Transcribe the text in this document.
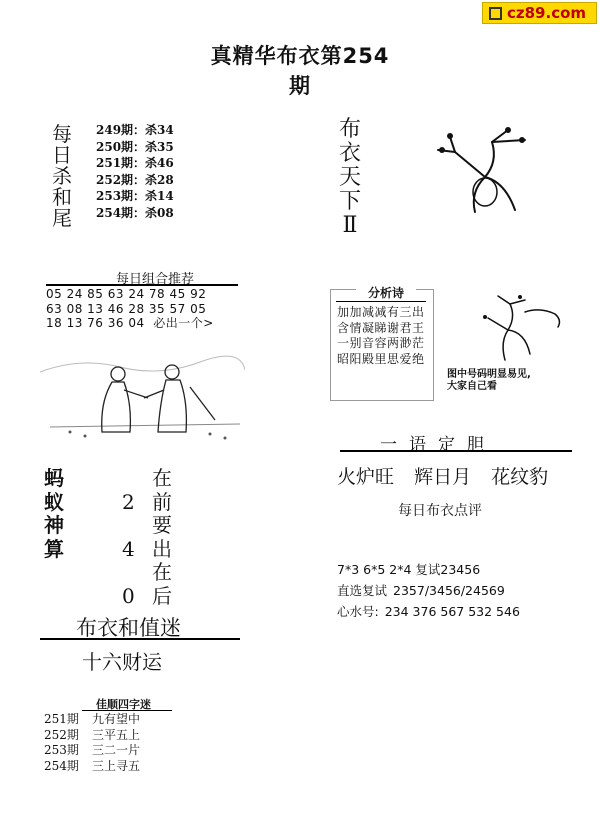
cz89.com
真精华布衣第254期
每
日
杀
和
尾
249期：杀34
250期：杀35
251期：杀46
252期：杀28
253期：杀14
254期：杀08
每日组合推荐
05 24 85 63 24 78 45 92
63 08 13 46 28 35 57 05
18 13 76 36 04  必出一个>
蚂
蚁
神
算
2在前
4要出
0在后
布衣和值迷
十六财运
佳顺四字迷
251期 九有望中
252期 三平五上
253期 三二一片
254期 三上寻五
布
衣
天
下
Ⅱ
分析诗
加加减减有三出
含情凝睇谢君王
一别音容两渺茫
昭阳殿里思爱绝
图中号码明显易见,
大家自己看
一语定胆
火炉旺 辉日月 花纹豹
每日布衣点评
7*3 6*5 2*4 复试23456
直选复试 2357/3456/24569
心水号: 234 376 567 532 546
